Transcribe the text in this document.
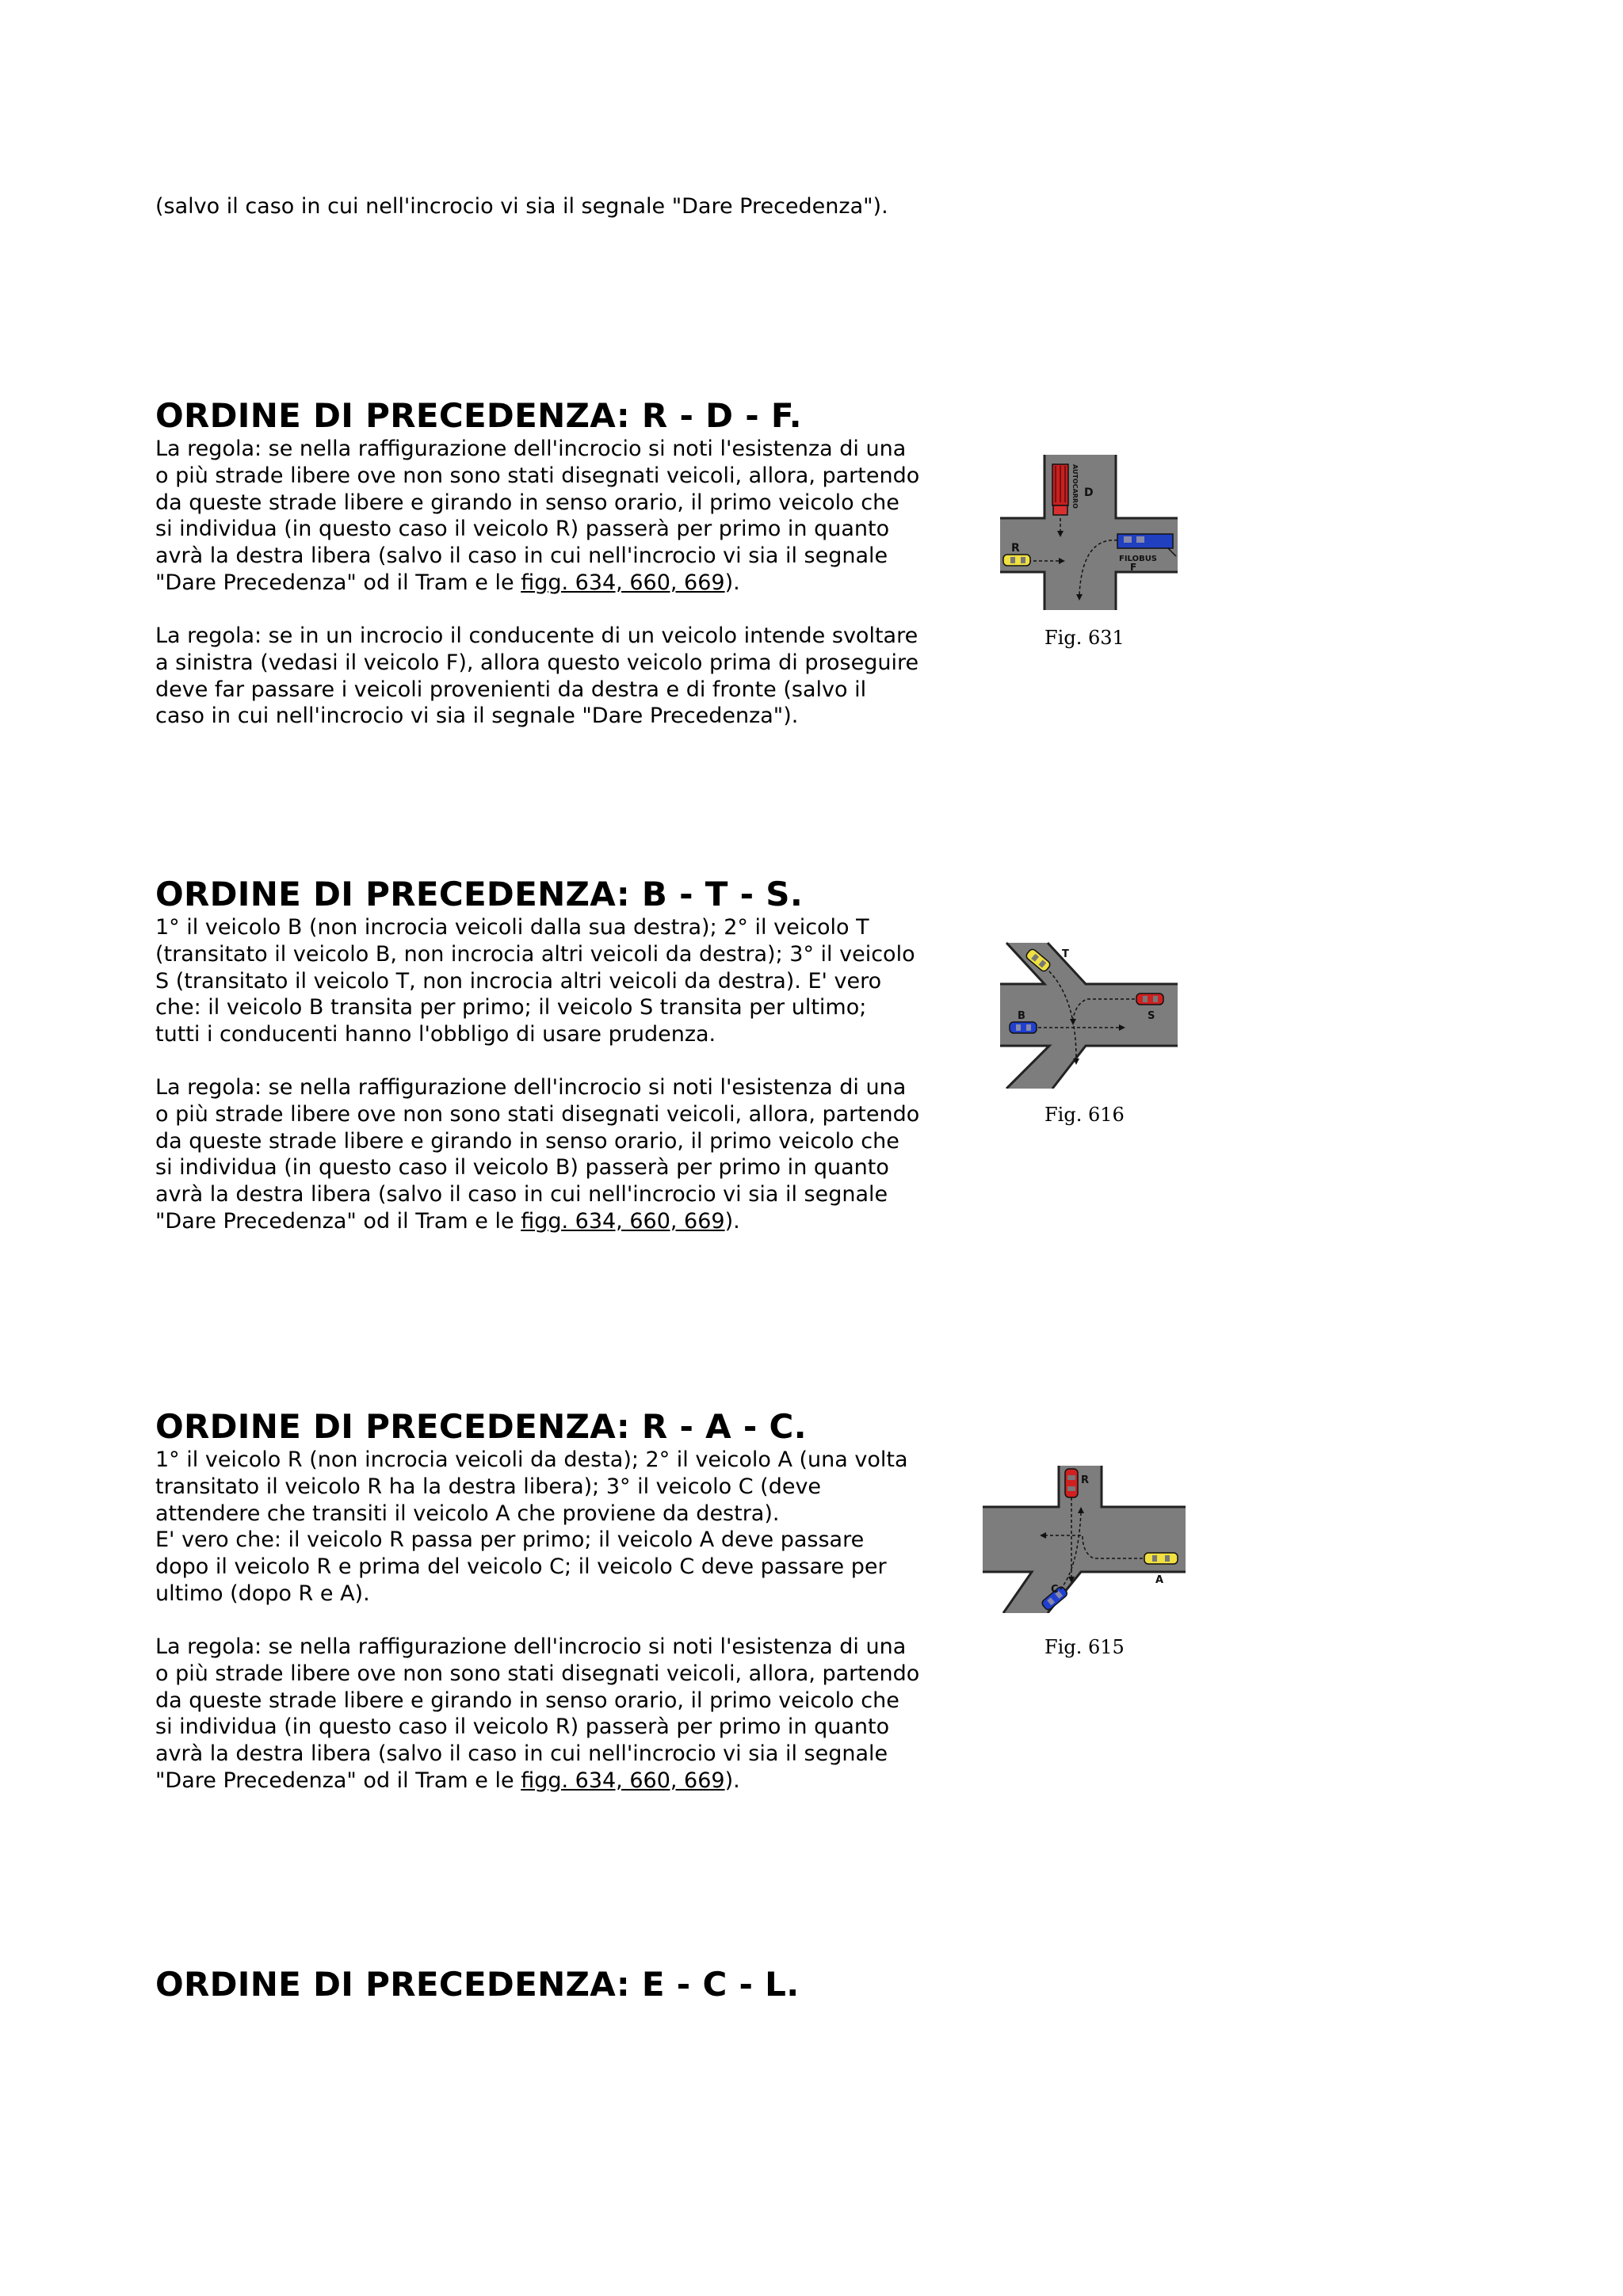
(salvo il caso in cui nell'incrocio vi sia il segnale "Dare Precedenza").
ORDINE DI PRECEDENZA: R - D - F.
La regola: se nella raffigurazione dell'incrocio si noti l'esistenza di una
o più strade libere ove non sono stati disegnati veicoli, allora, partendo
da queste strade libere e girando in senso orario, il primo veicolo che
si individua (in questo caso il veicolo R) passerà per primo in quanto
avrà la destra libera (salvo il caso in cui nell'incrocio vi sia il segnale
"Dare Precedenza" od il Tram e le figg. 634, 660, 669).
La regola: se in un incrocio il conducente di un veicolo intende svoltare
a sinistra (vedasi il veicolo F), allora questo veicolo prima di proseguire
deve far passare i veicoli provenienti da destra e di fronte (salvo il
caso in cui nell'incrocio vi sia il segnale "Dare Precedenza").
AUTOCARRO D
R
FILOBUS
F
Fig. 631
ORDINE DI PRECEDENZA: B - T - S.
1° il veicolo B (non incrocia veicoli dalla sua destra); 2° il veicolo T
(transitato il veicolo B, non incrocia altri veicoli da destra); 3° il veicolo
S (transitato il veicolo T, non incrocia altri veicoli da destra). E' vero
che: il veicolo B transita per primo; il veicolo S transita per ultimo;
tutti i conducenti hanno l'obbligo di usare prudenza.
La regola: se nella raffigurazione dell'incrocio si noti l'esistenza di una
o più strade libere ove non sono stati disegnati veicoli, allora, partendo
da queste strade libere e girando in senso orario, il primo veicolo che
si individua (in questo caso il veicolo B) passerà per primo in quanto
avrà la destra libera (salvo il caso in cui nell'incrocio vi sia il segnale
"Dare Precedenza" od il Tram e le figg. 634, 660, 669).
T
B	S
Fig. 616
ORDINE DI PRECEDENZA: R - A - C.
1° il veicolo R (non incrocia veicoli da desta); 2° il veicolo A (una volta
transitato il veicolo R ha la destra libera); 3° il veicolo C (deve
attendere che transiti il veicolo A che proviene da destra).
E' vero che: il veicolo R passa per primo; il veicolo A deve passare
dopo il veicolo R e prima del veicolo C; il veicolo C deve passare per
ultimo (dopo R e A).
La regola: se nella raffigurazione dell'incrocio si noti l'esistenza di una
o più strade libere ove non sono stati disegnati veicoli, allora, partendo
da queste strade libere e girando in senso orario, il primo veicolo che
si individua (in questo caso il veicolo R) passerà per primo in quanto
avrà la destra libera (salvo il caso in cui nell'incrocio vi sia il segnale
"Dare Precedenza" od il Tram e le figg. 634, 660, 669).
R
A
C
Fig. 615
ORDINE DI PRECEDENZA: E - C - L.
